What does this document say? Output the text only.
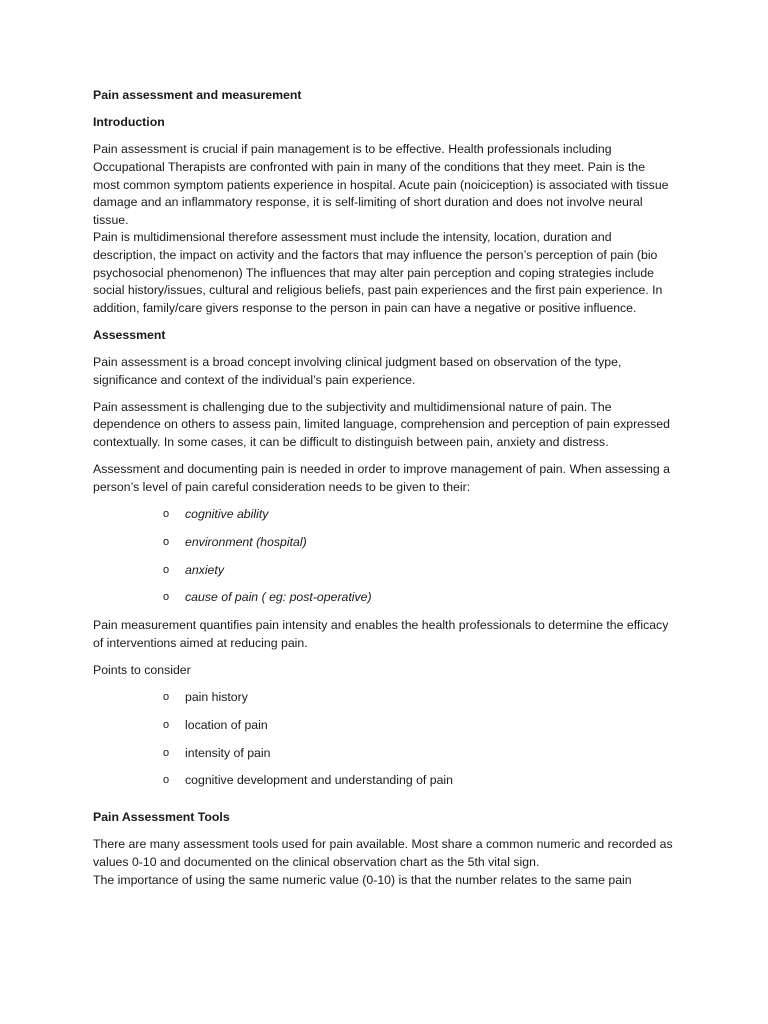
Pain assessment and measurement

Introduction

Pain assessment is crucial if pain management is to be effective. Health professionals including Occupational Therapists are confronted with pain in many of the conditions that they meet. Pain is the most common symptom patients experience in hospital. Acute pain (noiciception) is associated with tissue damage and an inflammatory response, it is self-limiting of short duration and does not involve neural tissue.

Pain is multidimensional therefore assessment must include the intensity, location, duration and description, the impact on activity and the factors that may influence the person’s perception of pain (bio psychosocial phenomenon) The influences that may alter pain perception and coping strategies include social history/issues, cultural and religious beliefs, past pain experiences and the first pain experience. In addition, family/care givers response to the person in pain can have a negative or positive influence.

Assessment

Pain assessment is a broad concept involving clinical judgment based on observation of the type, significance and context of the individual’s pain experience.

Pain assessment is challenging due to the subjectivity and multidimensional nature of pain. The dependence on others to assess pain, limited language, comprehension and perception of pain expressed contextually. In some cases, it can be difficult to distinguish between pain, anxiety and distress.

Assessment and documenting pain is needed in order to improve management of pain. When assessing a person’s level of pain careful consideration needs to be given to their:

o cognitive ability
o environment (hospital)
o anxiety
o cause of pain ( eg: post-operative)

Pain measurement quantifies pain intensity and enables the health professionals to determine the efficacy of interventions aimed at reducing pain.

Points to consider

o pain history
o location of pain
o intensity of pain
o cognitive development and understanding of pain

Pain Assessment Tools

There are many assessment tools used for pain available. Most share a common numeric and recorded as values 0-10 and documented on the clinical observation chart as the 5th vital sign.

The importance of using the same numeric value (0-10) is that the number relates to the same pain
